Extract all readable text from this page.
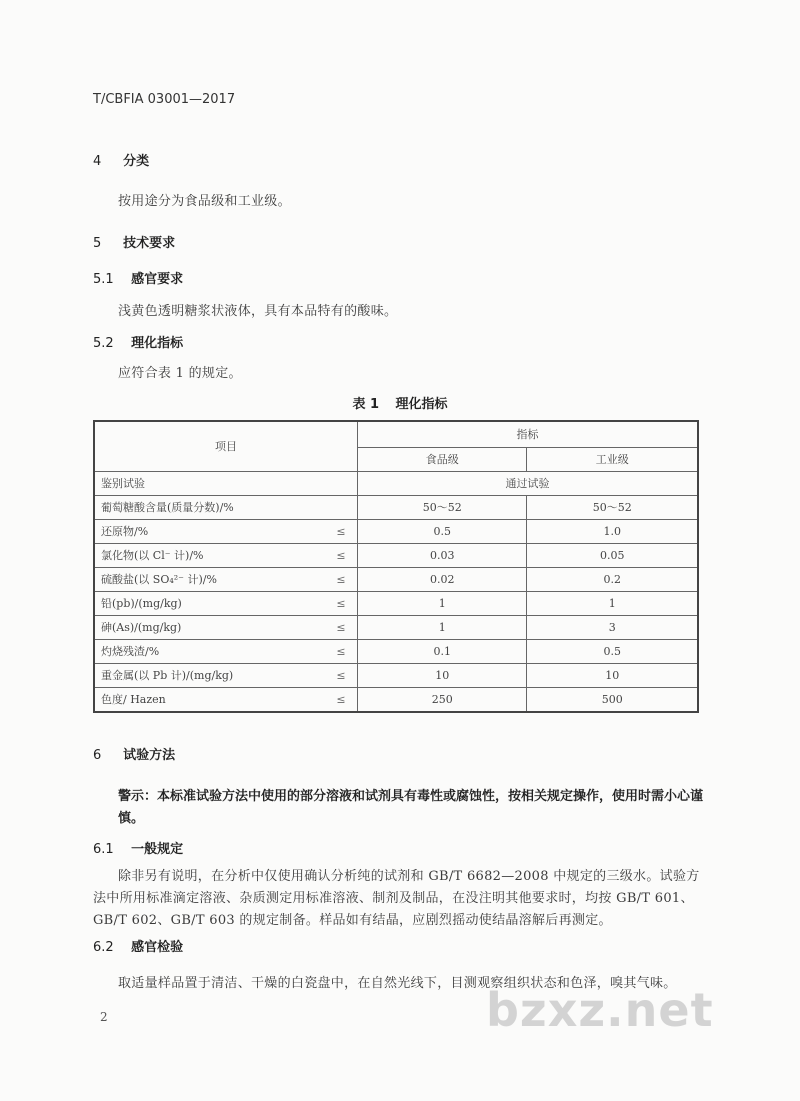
T/CBFIA 03001—2017
4 分类
按用途分为食品级和工业级。
5 技术要求
5.1 感官要求
浅黄色透明糖浆状液体，具有本品特有的酸味。
5.2 理化指标
应符合表 1 的规定。
表 1 理化指标
项目		指标	
		食品级	工业级
鉴别试验		通过试验	
葡萄糖酸含量(质量分数)/%		50～52	50～52
还原物/%	≤	0.5	1.0
氯化物(以 Cl⁻ 计)/%	≤	0.03	0.05
硫酸盐(以 SO₄²⁻ 计)/%	≤	0.02	0.2
铅(pb)/(mg/kg)	≤	1	1
砷(As)/(mg/kg)	≤	1	3
灼烧残渣/%	≤	0.1	0.5
重金属(以 Pb 计)/(mg/kg)	≤	10	10
色度/ Hazen	≤	250	500
6 试验方法
警示：本标准试验方法中使用的部分溶液和试剂具有毒性或腐蚀性，按相关规定操作，使用时需小心谨慎。
6.1 一般规定
除非另有说明，在分析中仅使用确认分析纯的试剂和 GB/T 6682—2008 中规定的三级水。试验方法中所用标准滴定溶液、杂质测定用标准溶液、制剂及制品，在没注明其他要求时，均按 GB/T 601、GB/T 602、GB/T 603 的规定制备。样品如有结晶，应剧烈摇动使结晶溶解后再测定。
6.2 感官检验
取适量样品置于清洁、干燥的白瓷盘中，在自然光线下，目测观察组织状态和色泽，嗅其气味。
2	bzxz.net
